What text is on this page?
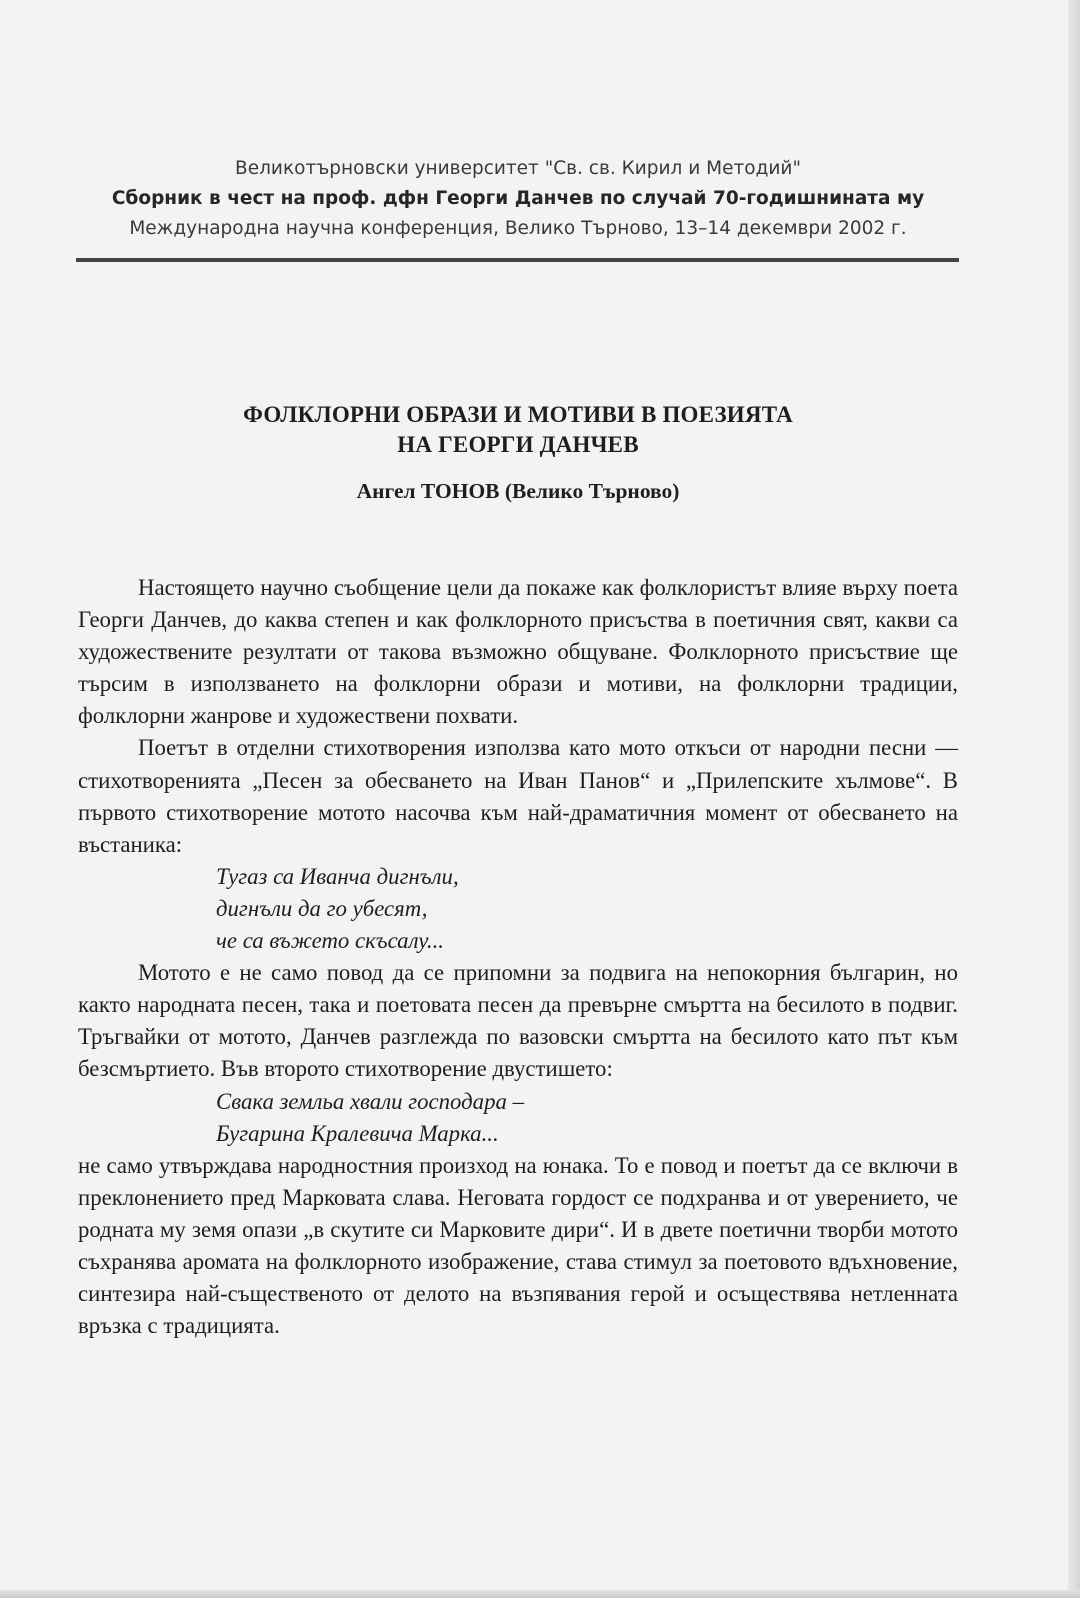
Великотърновски университет "Св. св. Кирил и Методий"
Сборник в чест на проф. дфн Георги Данчев по случай 70-годишнината му
Международна научна конференция, Велико Търново, 13–14 декември 2002 г.
ФОЛКЛОРНИ ОБРАЗИ И МОТИВИ В ПОЕЗИЯТА
НА ГЕОРГИ ДАНЧЕВ
Ангел ТОНОВ (Велико Търново)

Настоящето научно съобщение цели да покаже как фолклористът влияе върху поета Георги Данчев, до каква степен и как фолклорното присъства в поетичния свят, какви са художествените резултати от такова възможно общуване. Фолклорното присъствие ще търсим в използването на фолклорни образи и мотиви, на фолклорни традиции, фолклорни жанрове и художествени похвати.

Поетът в отделни стихотворения използва като мото откъси от народни песни — стихотворенията „Песен за обесването на Иван Панов“ и „Прилепските хълмове“. В първото стихотворение мотото насочва към най-драматичния момент от обесването на въстаника:

Тугаз са Иванча дигнъли,
дигнъли да го убесят,
че са въжето скъсалу...

Мотото е не само повод да се припомни за подвига на непокорния българин, но както народната песен, така и поетовата песен да превърне смъртта на бесилото в подвиг. Тръгвайки от мотото, Данчев разглежда по вазовски смъртта на бесилото като път към безсмъртието. Във второто стихотворение двустишето:

Свака земльа хвали господара –
Бугарина Кралевича Марка...

не само утвърждава народностния произход на юнака. То е повод и поетът да се включи в преклонението пред Марковата слава. Неговата гордост се подхранва и от уверението, че родната му земя опази „в скутите си Марковите дири“. И в двете поетични творби мотото съхранява аромата на фолклорното изображение, става стимул за поетовото вдъхновение, синтезира най-същественото от делото на възпявания герой и осъществява нетленната връзка с традицията.
